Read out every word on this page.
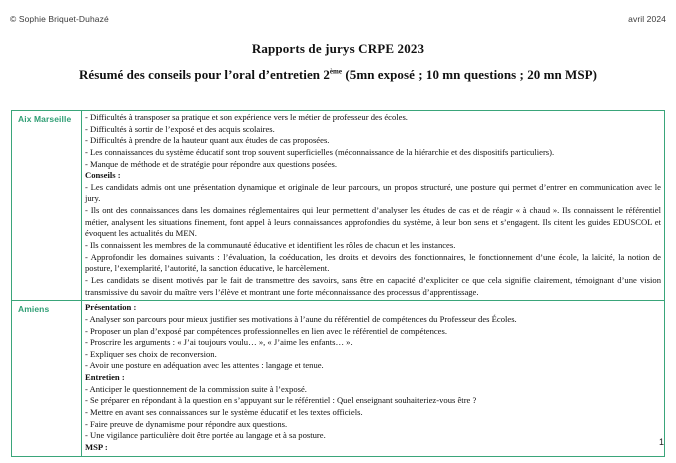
© Sophie Briquet-Duhazé	avril 2024
Rapports de jurys CRPE 2023
Résumé des conseils pour l’oral d’entretien 2ème (5mn exposé ; 10 mn questions ; 20 mn MSP)
Aix Marseille	- Difficultés à transposer sa pratique et son expérience vers le métier de professeur des écoles.

- Difficultés à sortir de l’exposé et des acquis scolaires.

- Difficultés à prendre de la hauteur quant aux études de cas proposées.

- Les connaissances du système éducatif sont trop souvent superficielles (méconnaissance de la hiérarchie et des dispositifs particuliers).

- Manque de méthode et de stratégie pour répondre aux questions posées.

Conseils :

- Les candidats admis ont une présentation dynamique et originale de leur parcours, un propos structuré, une posture qui permet d’entrer en communication avec le jury.

- Ils ont des connaissances dans les domaines réglementaires qui leur permettent d’analyser les études de cas et de réagir « à chaud ». Ils connaissent le référentiel métier, analysent les situations finement, font appel à leurs connaissances approfondies du système, à leur bon sens et s’engagent. Ils citent les guides EDUSCOL et évoquent les actualités du MEN.

- Ils connaissent les membres de la communauté éducative et identifient les rôles de chacun et les instances.

- Approfondir les domaines suivants : l’évaluation, la coéducation, les droits et devoirs des fonctionnaires, le fonctionnement d’une école, la laïcité, la notion de posture, l’exemplarité, l’autorité, la sanction éducative, le harcèlement.

- Les candidats se disent motivés par le fait de transmettre des savoirs, sans être en capacité d’expliciter ce que cela signifie clairement, témoignant d’une vision transmissive du savoir du maître vers l’élève et montrant une forte méconnaissance des processus d’apprentissage.

Amiens	Présentation :

- Analyser son parcours pour mieux justifier ses motivations à l’aune du référentiel de compétences du Professeur des Écoles.

- Proposer un plan d’exposé par compétences professionnelles en lien avec le référentiel de compétences.

- Proscrire les arguments : « J’ai toujours voulu… », « J’aime les enfants… ».

- Expliquer ses choix de reconversion.

- Avoir une posture en adéquation avec les attentes : langage et tenue.

Entretien :

- Anticiper le questionnement de la commission suite à l’exposé.

- Se préparer en répondant à la question en s’appuyant sur le référentiel : Quel enseignant souhaiteriez-vous être ?

- Mettre en avant ses connaissances sur le système éducatif et les textes officiels.

- Faire preuve de dynamisme pour répondre aux questions.

- Une vigilance particulière doit être portée au langage et à sa posture.

MSP :	1
